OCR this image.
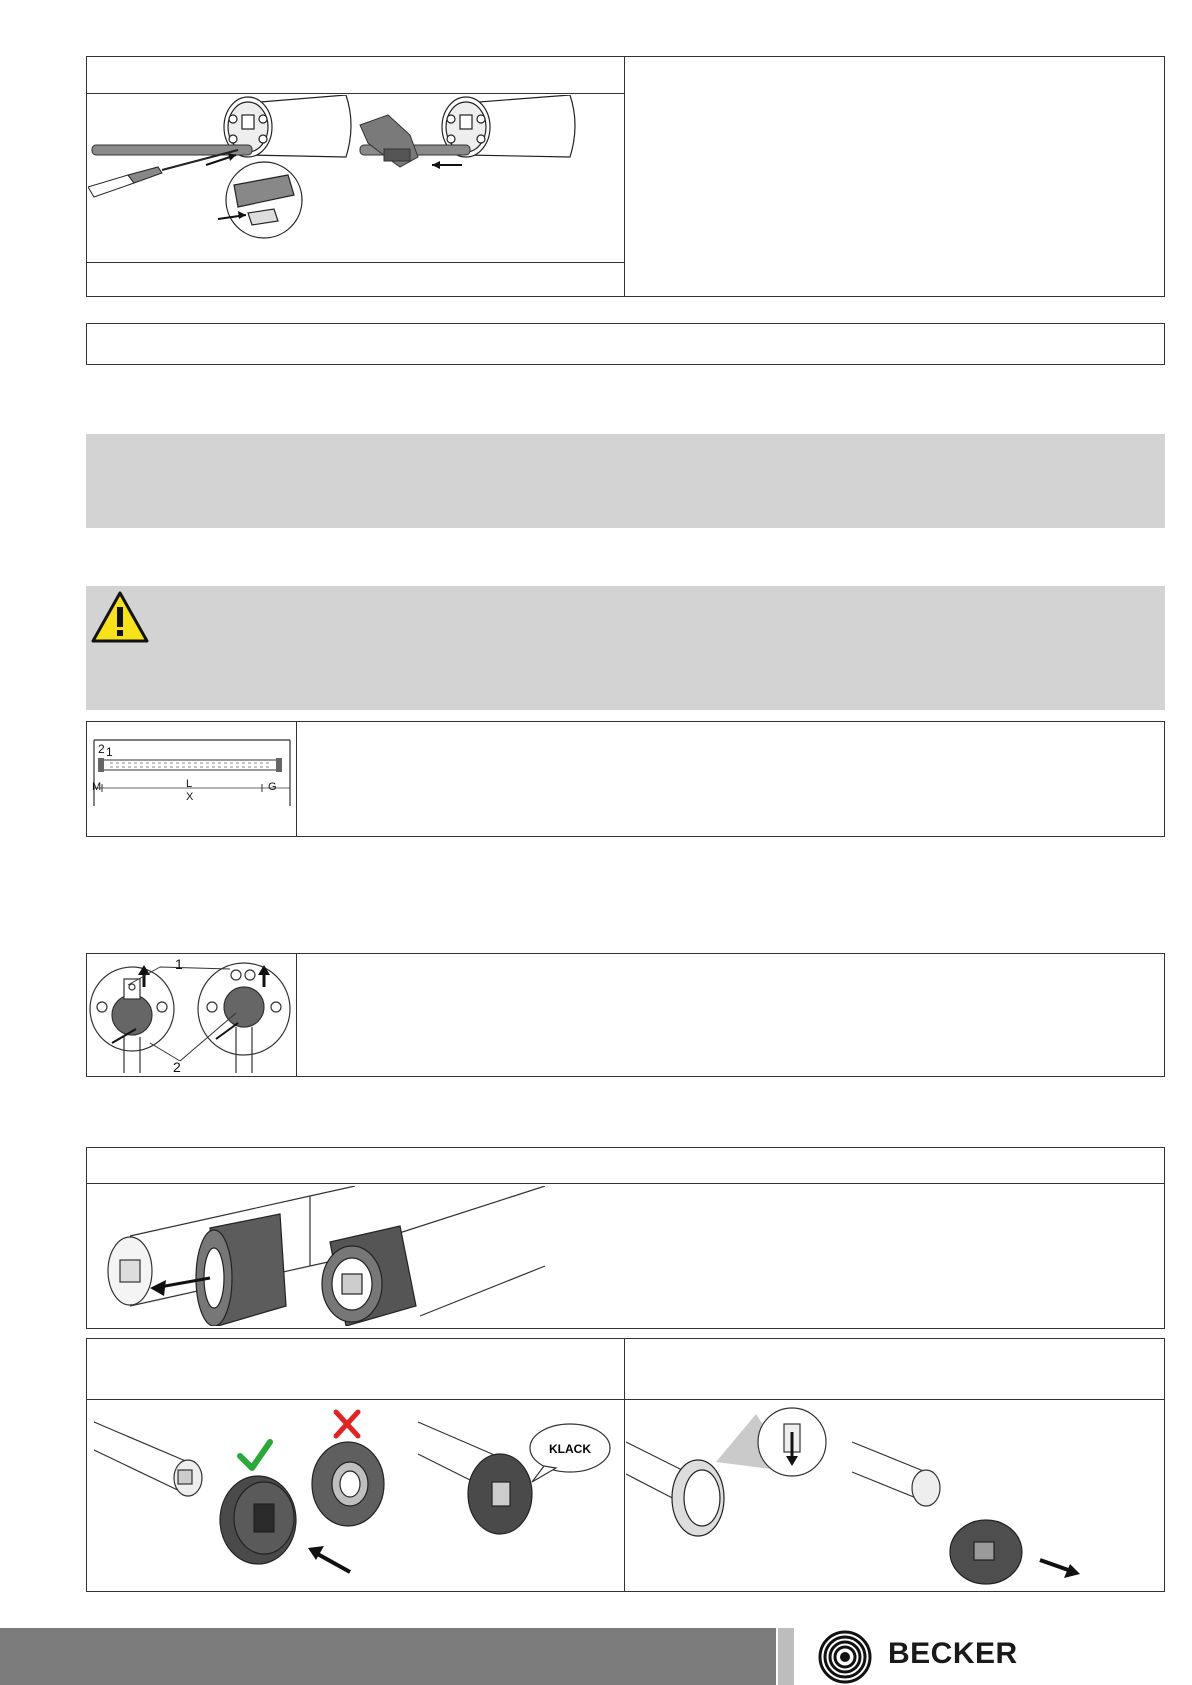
2 1
M	L	G
X
1
2
KLACK
BECKER
